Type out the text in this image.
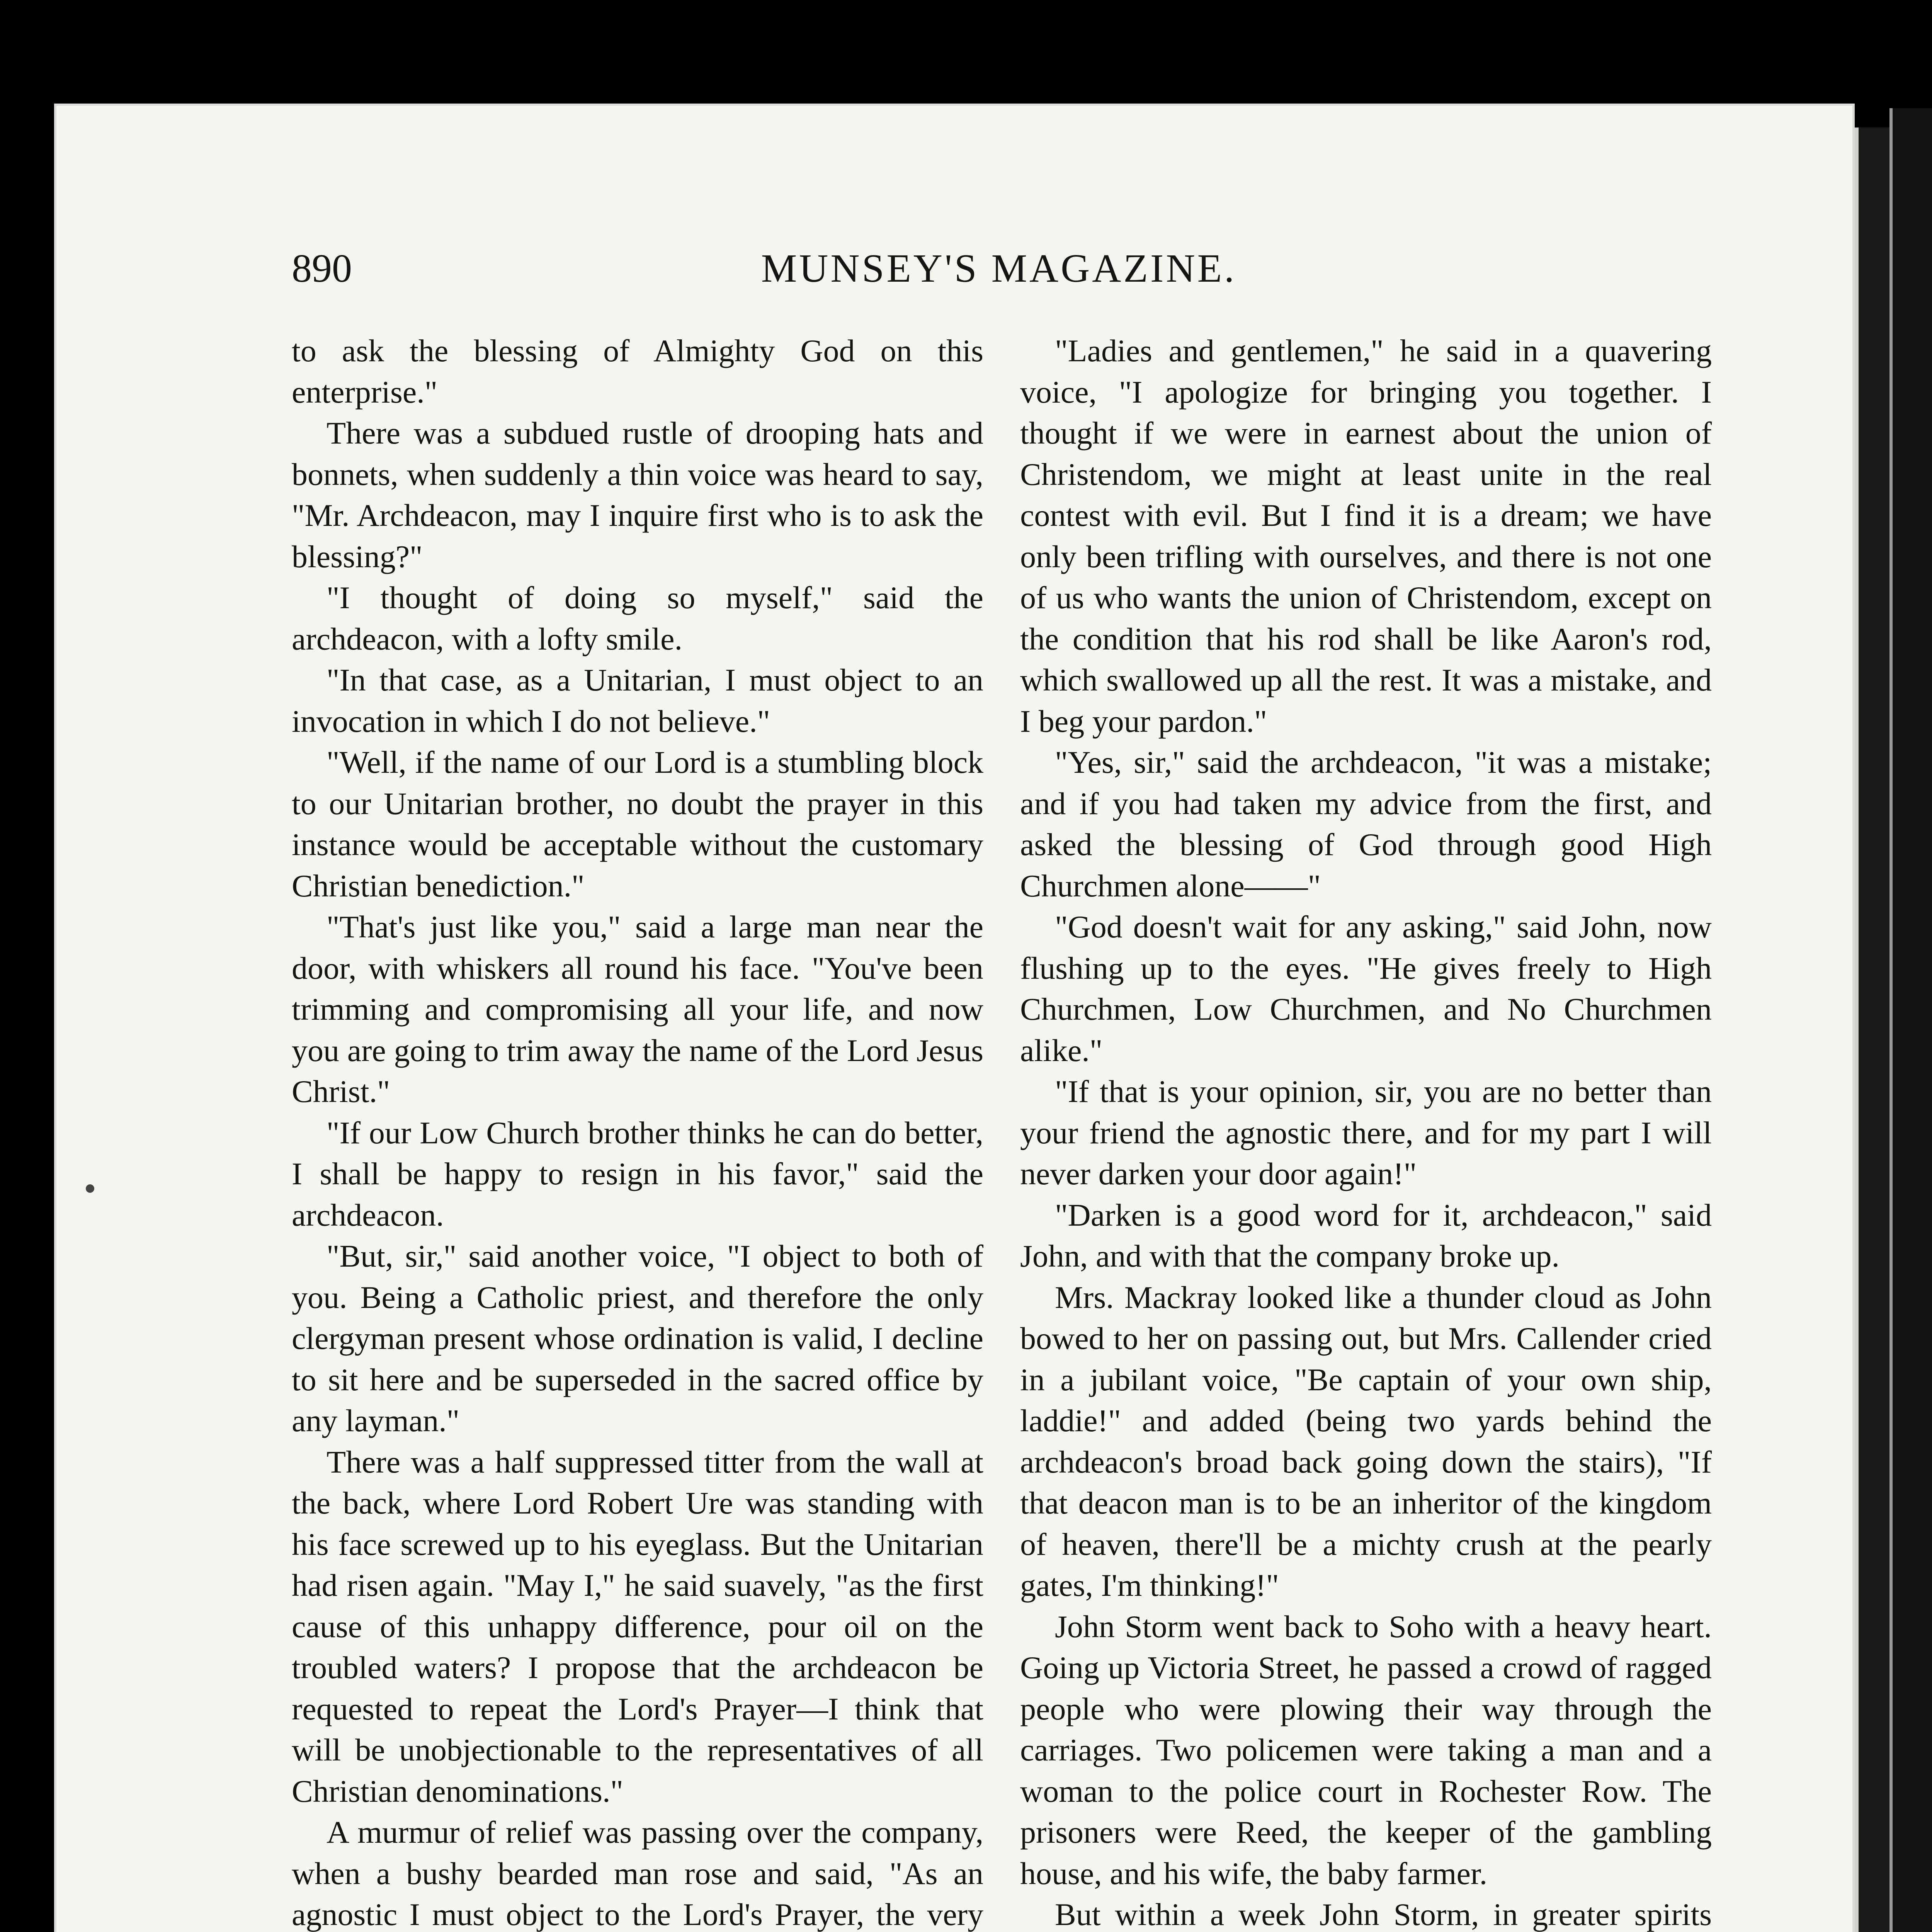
890	MUNSEY'S MAGAZINE.

to ask the blessing of Almighty God on this enterprise."

There was a subdued rustle of drooping hats and bonnets, when suddenly a thin voice was heard to say, "Mr. Archdeacon, may I inquire first who is to ask the blessing?"

"I thought of doing so myself," said the archdeacon, with a lofty smile.

"In that case, as a Unitarian, I must object to an invocation in which I do not believe."

"Well, if the name of our Lord is a stumbling block to our Unitarian brother, no doubt the prayer in this instance would be acceptable without the customary Christian benediction."

"That's just like you," said a large man near the door, with whiskers all round his face. "You've been trimming and compromising all your life, and now you are going to trim away the name of the Lord Jesus Christ."

"If our Low Church brother thinks he can do better, I shall be happy to resign in his favor," said the archdeacon.

"But, sir," said another voice, "I object to both of you. Being a Catholic priest, and therefore the only clergyman present whose ordination is valid, I decline to sit here and be superseded in the sacred office by any layman."

There was a half suppressed titter from the wall at the back, where Lord Robert Ure was standing with his face screwed up to his eyeglass. But the Unitarian had risen again. "May I," he said suavely, "as the first cause of this unhappy difference, pour oil on the troubled waters? I propose that the archdeacon be requested to repeat the Lord's Prayer—I think that will be unobjectionable to the representatives of all Christian denominations."

A murmur of relief was passing over the company, when a bushy bearded man rose and said, "As an agnostic I must object to the Lord's Prayer, the very

"Ladies and gentlemen," he said in a quavering voice, "I apologize for bringing you together. I thought if we were in earnest about the union of Christendom, we might at least unite in the real contest with evil. But I find it is a dream; we have only been trifling with ourselves, and there is not one of us who wants the union of Christendom, except on the condition that his rod shall be like Aaron's rod, which swallowed up all the rest. It was a mistake, and I beg your pardon."

"Yes, sir," said the archdeacon, "it was a mistake; and if you had taken my advice from the first, and asked the blessing of God through good High Churchmen alone——"

"God doesn't wait for any asking," said John, now flushing up to the eyes. "He gives freely to High Churchmen, Low Churchmen, and No Churchmen alike."

"If that is your opinion, sir, you are no better than your friend the agnostic there, and for my part I will never darken your door again!"

"Darken is a good word for it, archdeacon," said John, and with that the company broke up.

Mrs. Mackray looked like a thunder cloud as John bowed to her on passing out, but Mrs. Callender cried in a jubilant voice, "Be captain of your own ship, laddie!" and added (being two yards behind the archdeacon's broad back going down the stairs), "If that deacon man is to be an inheritor of the kingdom of heaven, there'll be a michty crush at the pearly gates, I'm thinking!"

John Storm went back to Soho with a heavy heart. Going up Victoria Street, he passed a crowd of ragged people who were plowing their way through the carriages. Two policemen were taking a man and a woman to the police court in Rochester Row. The prisoners were Reed, the keeper of the gambling house, and his wife, the baby farmer.

But within a week John Storm, in greater spirits
